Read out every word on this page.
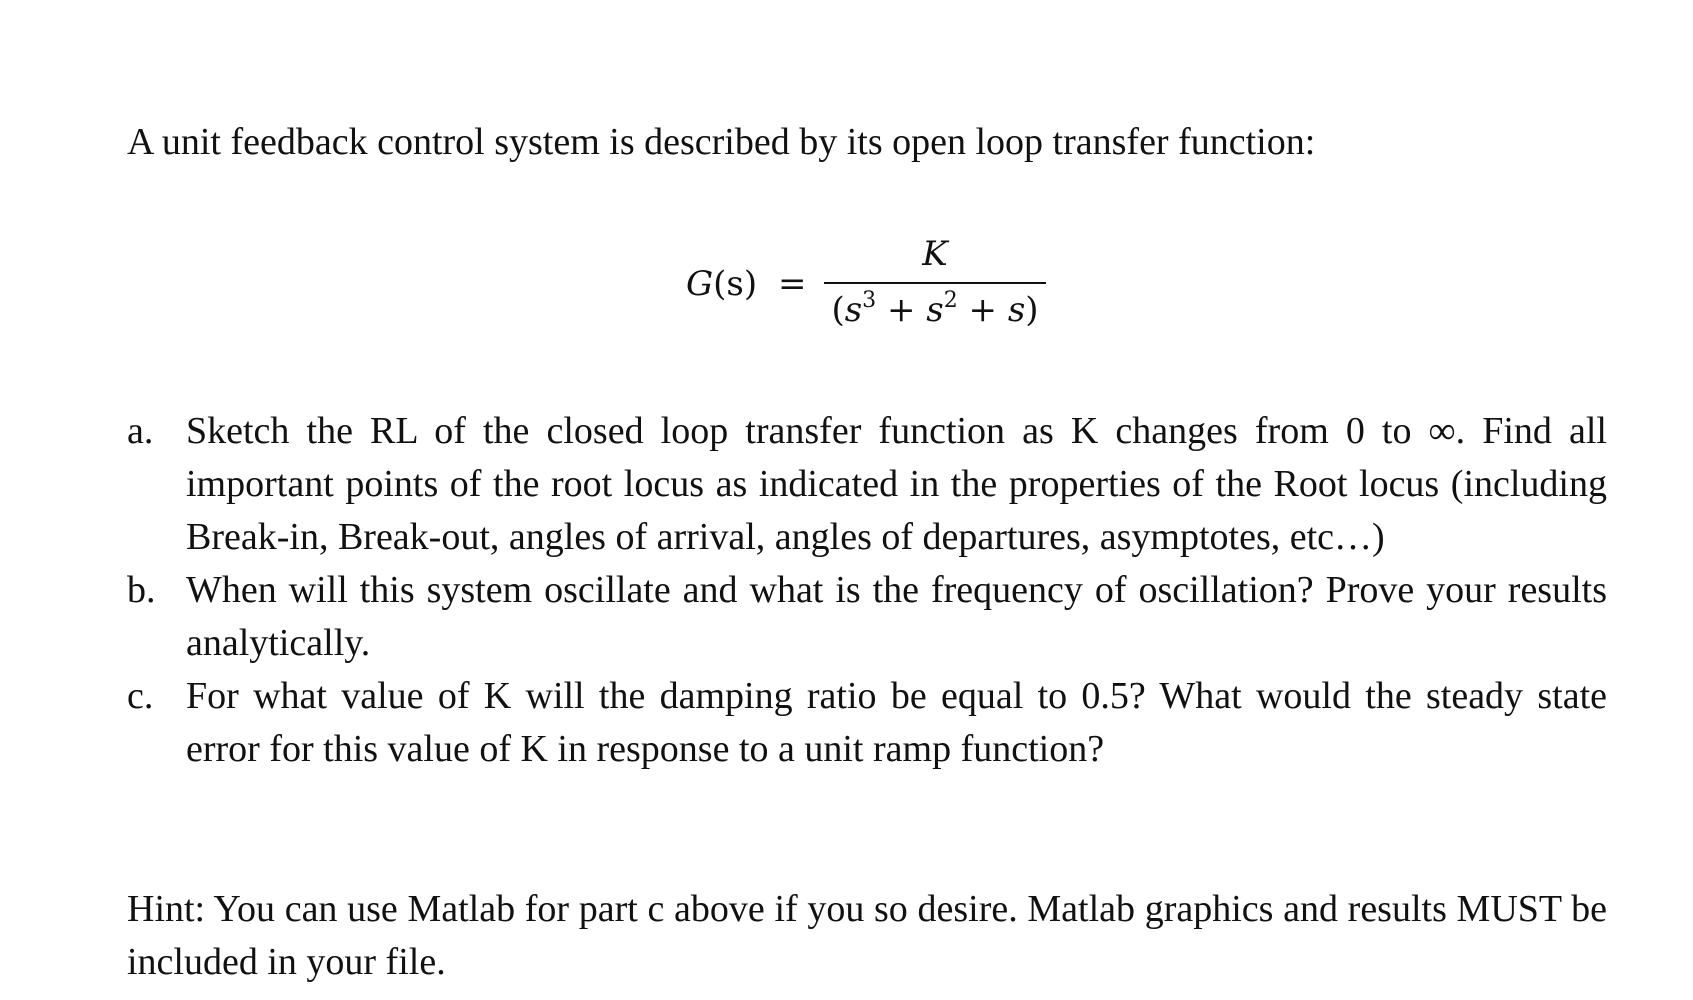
A unit feedback control system is described by its open loop transfer function:
G(s) =
K
$(s^3 + s^2 + s)$
a. Sketch the RL of the closed loop transfer function as K changes from 0 to ∞. Find all important points of the root locus as indicated in the properties of the Root locus (including Break-in, Break-out, angles of arrival, angles of departures, asymptotes, etc…)
b. When will this system oscillate and what is the frequency of oscillation? Prove your results analytically.
c. For what value of K will the damping ratio be equal to 0.5? What would the steady state error for this value of K in response to a unit ramp function?
Hint: You can use Matlab for part c above if you so desire. Matlab graphics and results MUST be included in your file.
